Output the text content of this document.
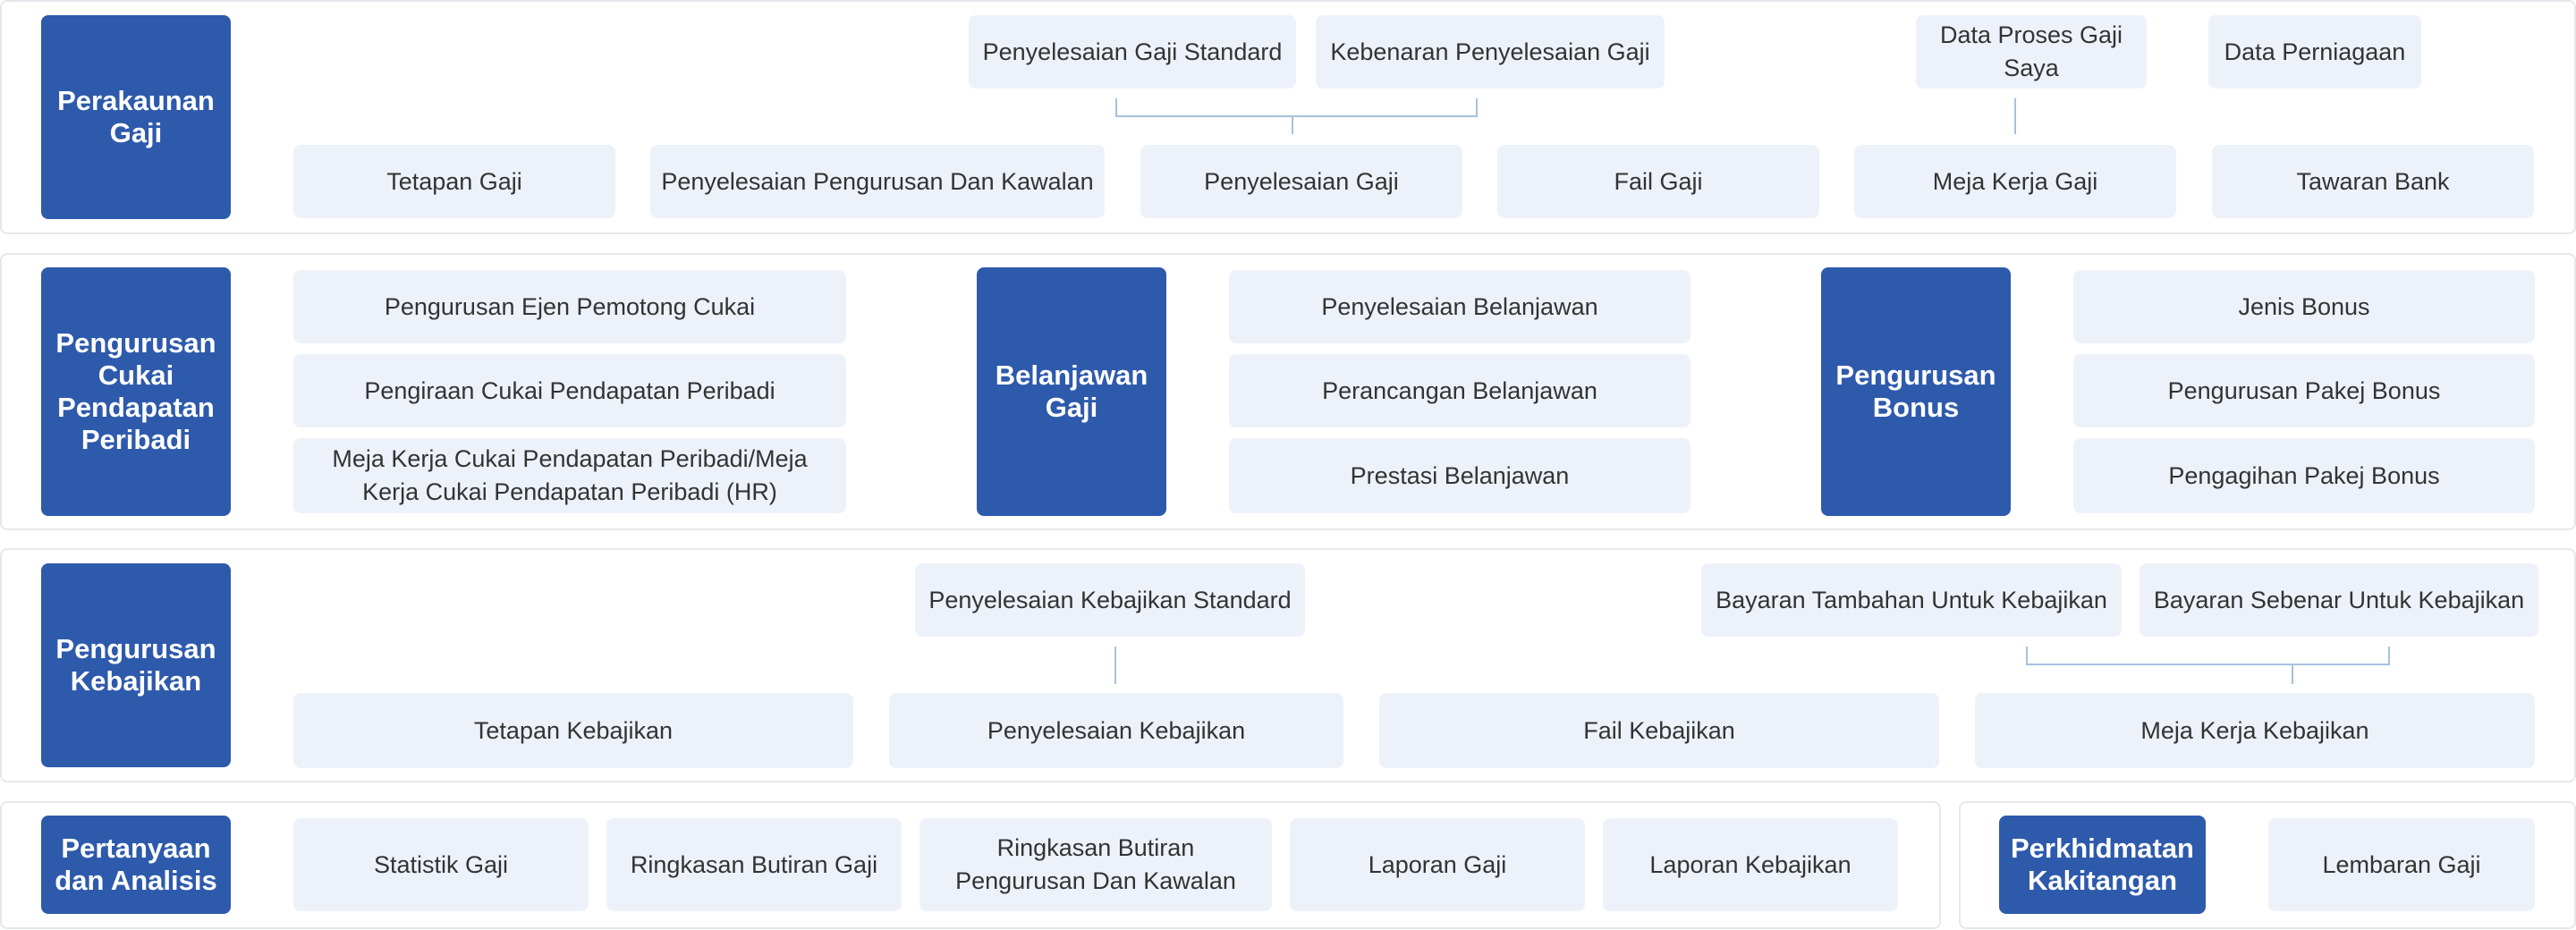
Perakaunan Gaji
Penyelesaian Gaji Standard	Kebenaran Penyelesaian Gaji
Data Proses Gaji Saya
Data Perniagaan
Tetapan Gaji	Penyelesaian Pengurusan Dan Kawalan	Penyelesaian Gaji	Fail Gaji	Meja Kerja Gaji	Tawaran Bank
Pengurusan Cukai Pendapatan Peribadi
Pengurusan Ejen Pemotong Cukai
Pengiraan Cukai Pendapatan Peribadi
Meja Kerja Cukai Pendapatan Peribadi/Meja Kerja Cukai Pendapatan Peribadi (HR)
Belanjawan Gaji
Penyelesaian Belanjawan
Perancangan Belanjawan
Prestasi Belanjawan
Pengurusan Bonus
Jenis Bonus
Pengurusan Pakej Bonus
Pengagihan Pakej Bonus
Pengurusan Kebajikan
Penyelesaian Kebajikan Standard	Bayaran Tambahan Untuk Kebajikan	Bayaran Sebenar Untuk Kebajikan
Tetapan Kebajikan	Penyelesaian Kebajikan	Fail Kebajikan	Meja Kerja Kebajikan
Pertanyaan dan Analisis
Statistik Gaji	Ringkasan Butiran Gaji
Ringkasan Butiran Pengurusan Dan Kawalan
Laporan Gaji	Laporan Kebajikan
Perkhidmatan Kakitangan
Lembaran Gaji
